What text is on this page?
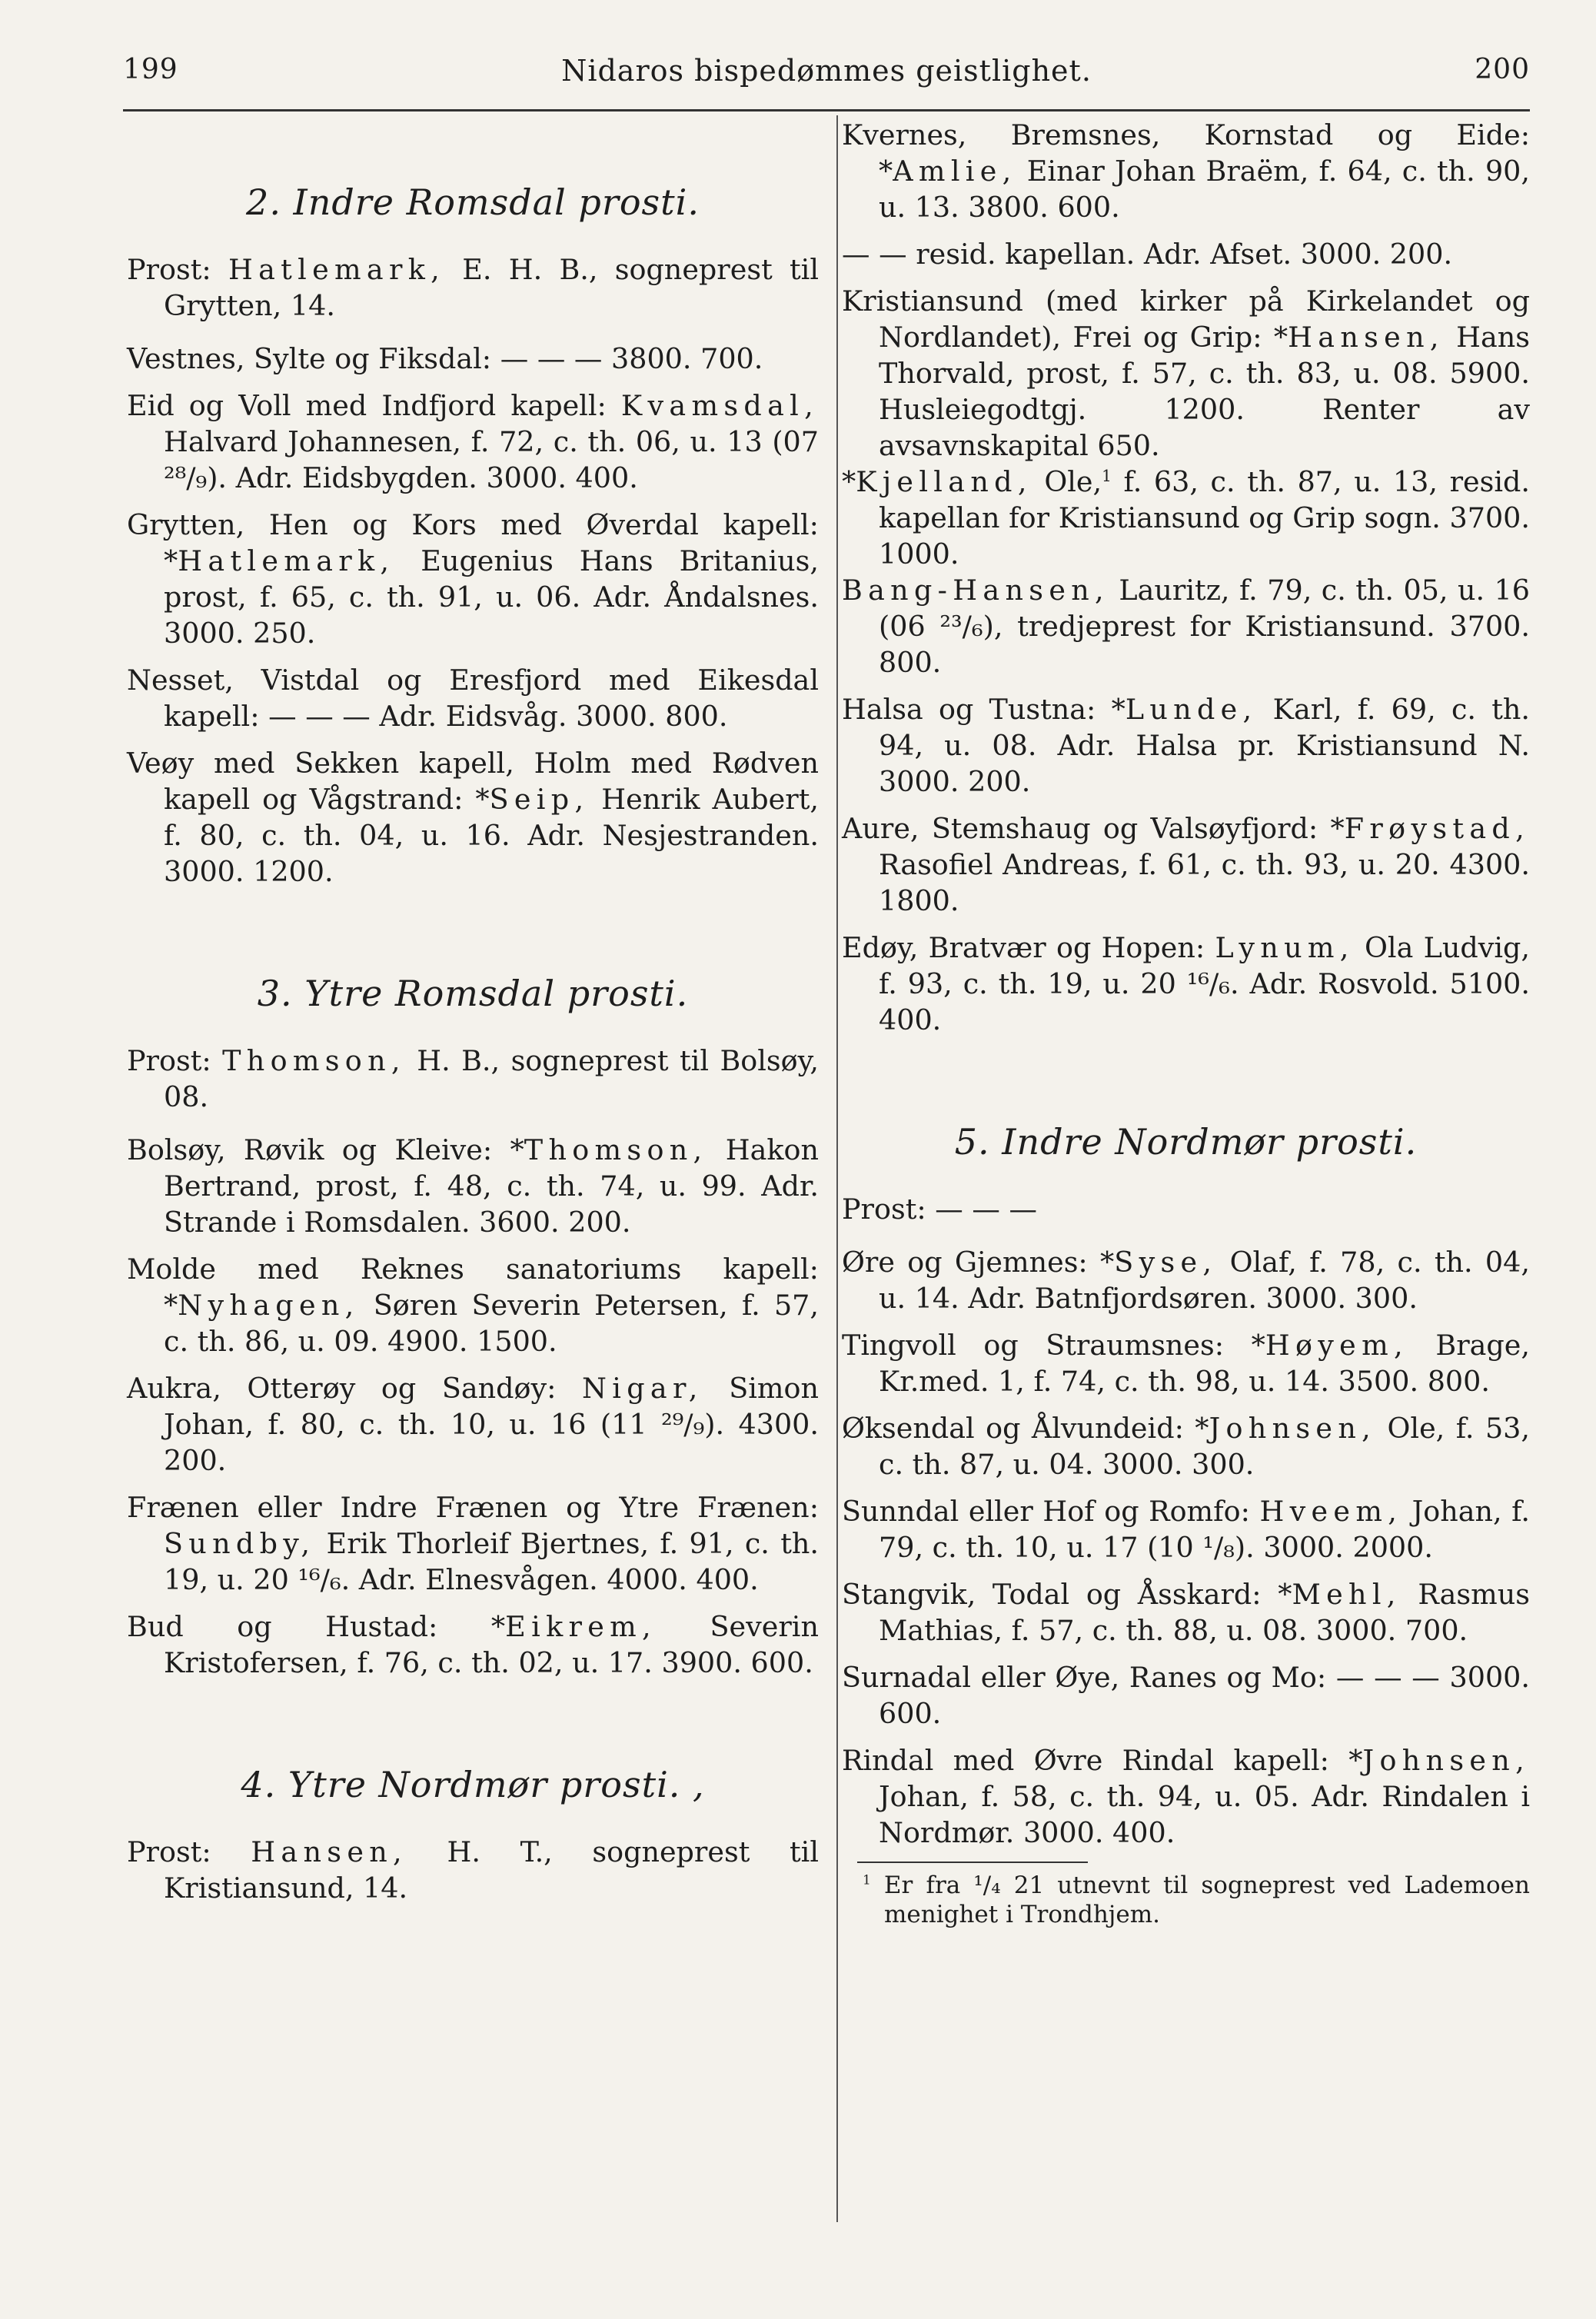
Nidaros bispedømmes geistlighet.
199	200
2. Indre Romsdal prosti.

Prost: Hatlemark, E. H. B., sogneprest til Grytten, 14.

Vestnes, Sylte og Fiksdal: — — — 3800. 700.

Eid og Voll med Indfjord kapell: Kvamsdal, Halvard Johannesen, f. 72, c. th. 06, u. 13 (07 ²⁸/₉). Adr. Eidsbygden. 3000. 400.

Grytten, Hen og Kors med Øverdal kapell: *Hatlemark, Eugenius Hans Britanius, prost, f. 65, c. th. 91, u. 06. Adr. Åndalsnes. 3000. 250.

Nesset, Vistdal og Eresfjord med Eikesdal kapell: — — — Adr. Eidsvåg. 3000. 800.

Veøy med Sekken kapell, Holm med Rødven kapell og Vågstrand: *Seip, Henrik Aubert, f. 80, c. th. 04, u. 16. Adr. Nesjestranden. 3000. 1200.

3. Ytre Romsdal prosti.

Prost: Thomson, H. B., sogneprest til Bolsøy, 08.

Bolsøy, Røvik og Kleive: *Thomson, Hakon Bertrand, prost, f. 48, c. th. 74, u. 99. Adr. Strande i Romsdalen. 3600. 200.

Molde med Reknes sanatoriums kapell: *Nyhagen, Søren Severin Petersen, f. 57, c. th. 86, u. 09. 4900. 1500.

Aukra, Otterøy og Sandøy: Nigar, Simon Johan, f. 80, c. th. 10, u. 16 (11 ²⁹/₉). 4300. 200.

Frænen eller Indre Frænen og Ytre Frænen: Sundby, Erik Thorleif Bjertnes, f. 91, c. th. 19, u. 20 ¹⁶/₆. Adr. Elnesvågen. 4000. 400.

Bud og Hustad: *Eikrem, Severin Kristofersen, f. 76, c. th. 02, u. 17. 3900. 600.

4. Ytre Nordmør prosti. ,

Prost: Hansen, H. T., sogneprest til Kristiansund, 14.

Kvernes, Bremsnes, Kornstad og Eide: *Amlie, Einar Johan Braëm, f. 64, c. th. 90, u. 13. 3800. 600.

— — resid. kapellan. Adr. Afset. 3000. 200.

Kristiansund (med kirker på Kirkelandet og Nordlandet), Frei og Grip: *Hansen, Hans Thorvald, prost, f. 57, c. th. 83, u. 08. 5900. Husleiegodtgj. 1200. Renter av avsavnskapital 650.

*Kjelland, Ole,$^1$ f. 63, c. th. 87, u. 13, resid. kapellan for Kristiansund og Grip sogn. 3700. 1000.

Bang-Hansen, Lauritz, f. 79, c. th. 05, u. 16 (06 ²³/₆), tredjeprest for Kristiansund. 3700. 800.

Halsa og Tustna: *Lunde, Karl, f. 69, c. th. 94, u. 08. Adr. Halsa pr. Kristiansund N. 3000. 200.

Aure, Stemshaug og Valsøyfjord: *Frøystad, Rasofiel Andreas, f. 61, c. th. 93, u. 20. 4300. 1800.

Edøy, Bratvær og Hopen: Lynum, Ola Ludvig, f. 93, c. th. 19, u. 20 ¹⁶/₆. Adr. Rosvold. 5100. 400.

5. Indre Nordmør prosti.

Prost: — — —

Øre og Gjemnes: *Syse, Olaf, f. 78, c. th. 04, u. 14. Adr. Batnfjordsøren. 3000. 300.

Tingvoll og Straumsnes: *Høyem, Brage, Kr.med. 1, f. 74, c. th. 98, u. 14. 3500. 800.

Øksendal og Ålvundeid: *Johnsen, Ole, f. 53, c. th. 87, u. 04. 3000. 300.

Sunndal eller Hof og Romfo: Hveem, Johan, f. 79, c. th. 10, u. 17 (10 ¹/₈). 3000. 2000.

Stangvik, Todal og Åsskard: *Mehl, Rasmus Mathias, f. 57, c. th. 88, u. 08. 3000. 700.

Surnadal eller Øye, Ranes og Mo: — — — 3000. 600.

Rindal med Øvre Rindal kapell: *Johnsen, Johan, f. 58, c. th. 94, u. 05. Adr. Rindalen i Nordmør. 3000. 400.

$^1$ Er fra ¹/₄ 21 utnevnt til sogneprest ved Lademoen menighet i Trondhjem.
